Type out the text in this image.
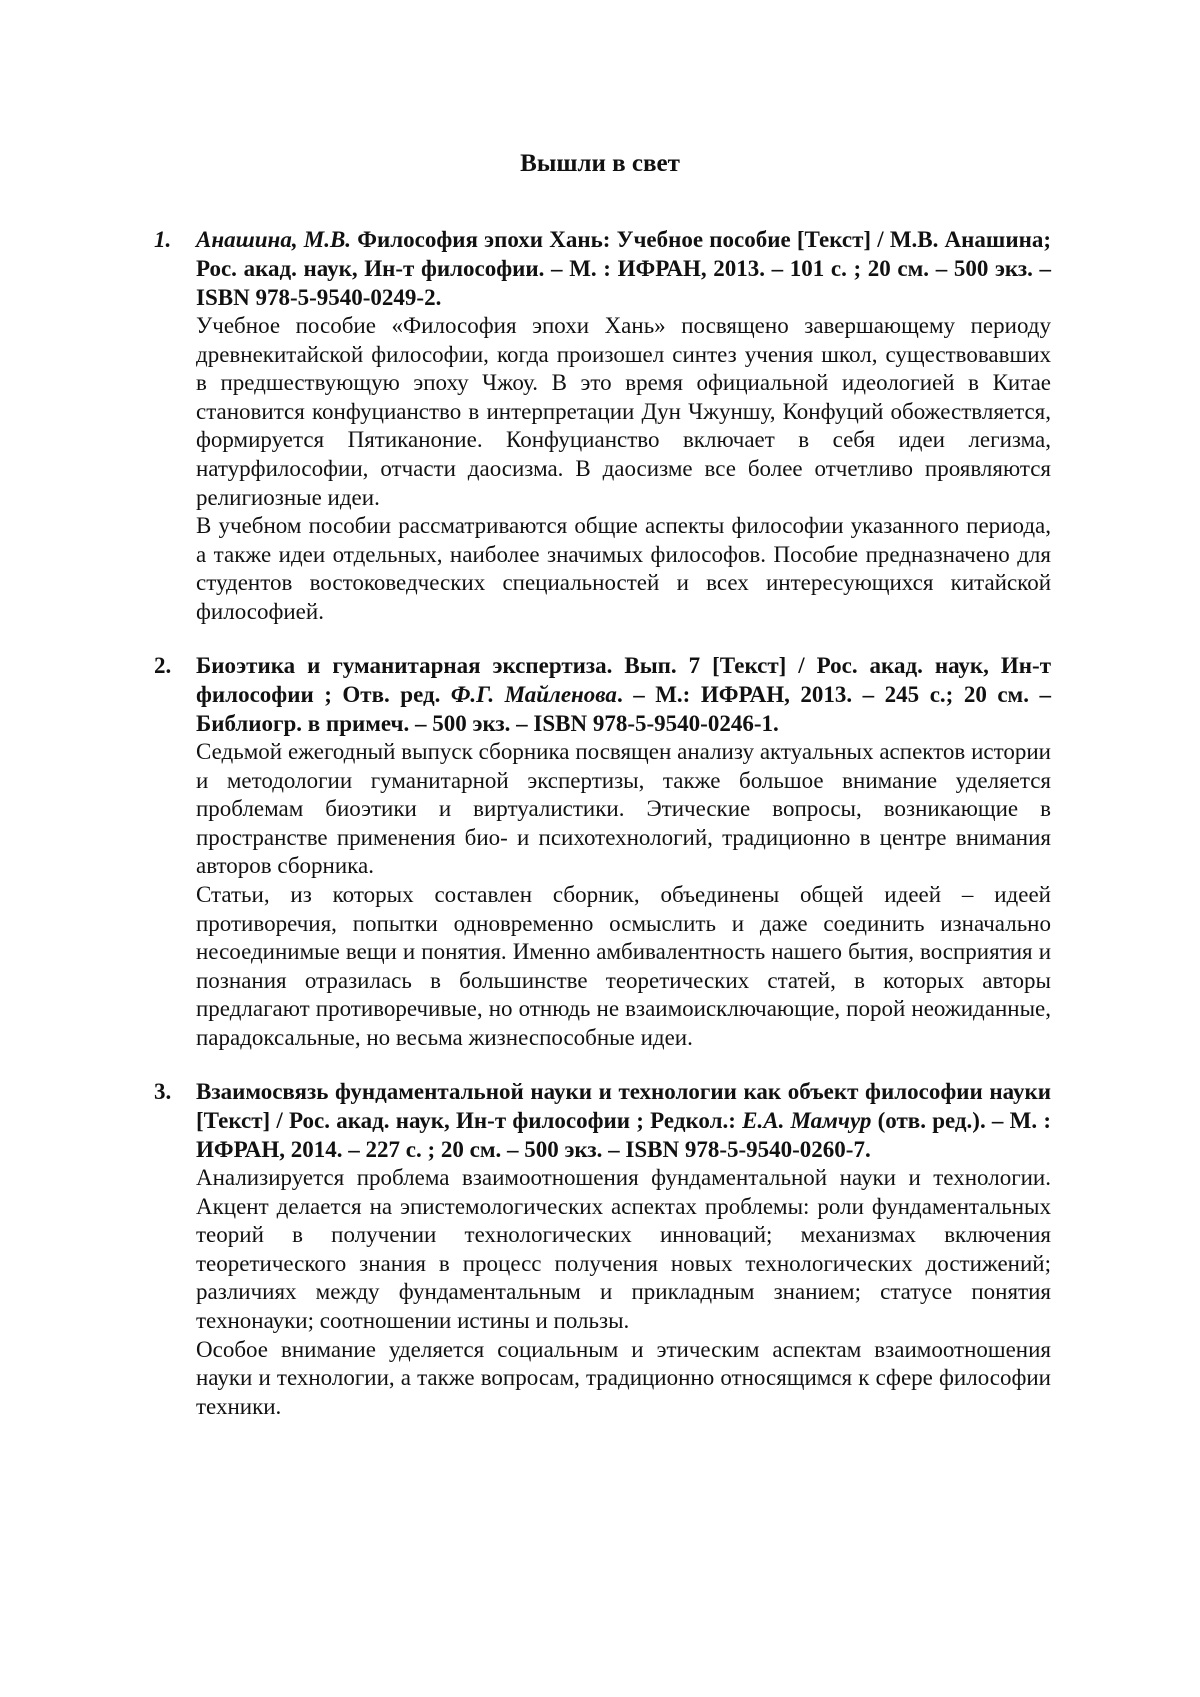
Вышли в свет
1.	Анашина, М.В. Философия эпохи Хань: Учебное пособие [Текст] / М.В. Анашина; Рос. акад. наук, Ин-т философии. – М. : ИФРАН, 2013. – 101 с. ; 20 см. – 500 экз. – ISBN 978-5-9540-0249-2.
Учебное пособие «Философия эпохи Хань» посвящено завершающему периоду древнекитайской философии, когда произошел синтез учения школ, существовавших в предшествующую эпоху Чжоу. В это время официальной идеологией в Китае становится конфуцианство в интерпретации Дун Чжуншу, Конфуций обожествляется, формируется Пятиканоние. Конфуцианство включает в себя идеи легизма, натурфилософии, отчасти даосизма. В даосизме все более отчетливо проявляются религиозные идеи.
В учебном пособии рассматриваются общие аспекты философии указанного периода, а также идеи отдельных, наиболее значимых философов. Пособие предназначено для студентов востоковедческих специальностей и всех интересующихся китайской философией.
2.	Биоэтика и гуманитарная экспертиза. Вып. 7 [Текст] / Рос. акад. наук, Ин-т философии ; Отв. ред. Ф.Г. Майленова. – М.: ИФРАН, 2013. – 245 с.; 20 см. – Библиогр. в примеч. – 500 экз. – ISBN 978-5-9540-0246-1.
Седьмой ежегодный выпуск сборника посвящен анализу актуальных аспектов истории и методологии гуманитарной экспертизы, также большое внимание уделяется проблемам биоэтики и виртуалистики. Этические вопросы, возникающие в пространстве применения био- и психотехнологий, традиционно в центре внимания авторов сборника.
Статьи, из которых составлен сборник, объединены общей идеей – идеей противоречия, попытки одновременно осмыслить и даже соединить изначально несоединимые вещи и понятия. Именно амбивалентность нашего бытия, восприятия и познания отразилась в большинстве теоретических статей, в которых авторы предлагают противоречивые, но отнюдь не взаимоисключающие, порой неожиданные, парадоксальные, но весьма жизнеспособные идеи.
3.	Взаимосвязь фундаментальной науки и технологии как объект философии науки [Текст] / Рос. акад. наук, Ин-т философии ; Редкол.: Е.А. Мамчур (отв. ред.). – М. : ИФРАН, 2014. – 227 с. ; 20 см. – 500 экз. – ISBN 978-5-9540-0260-7.
Анализируется проблема взаимоотношения фундаментальной науки и технологии. Акцент делается на эпистемологических аспектах проблемы: роли фундаментальных теорий в получении технологических инноваций; механизмах включения теоретического знания в процесс получения новых технологических достижений; различиях между фундаментальным и прикладным знанием; статусе понятия технонауки; соотношении истины и пользы.
Особое внимание уделяется социальным и этическим аспектам взаимоотношения науки и технологии, а также вопросам, традиционно относящимся к сфере философии техники.
